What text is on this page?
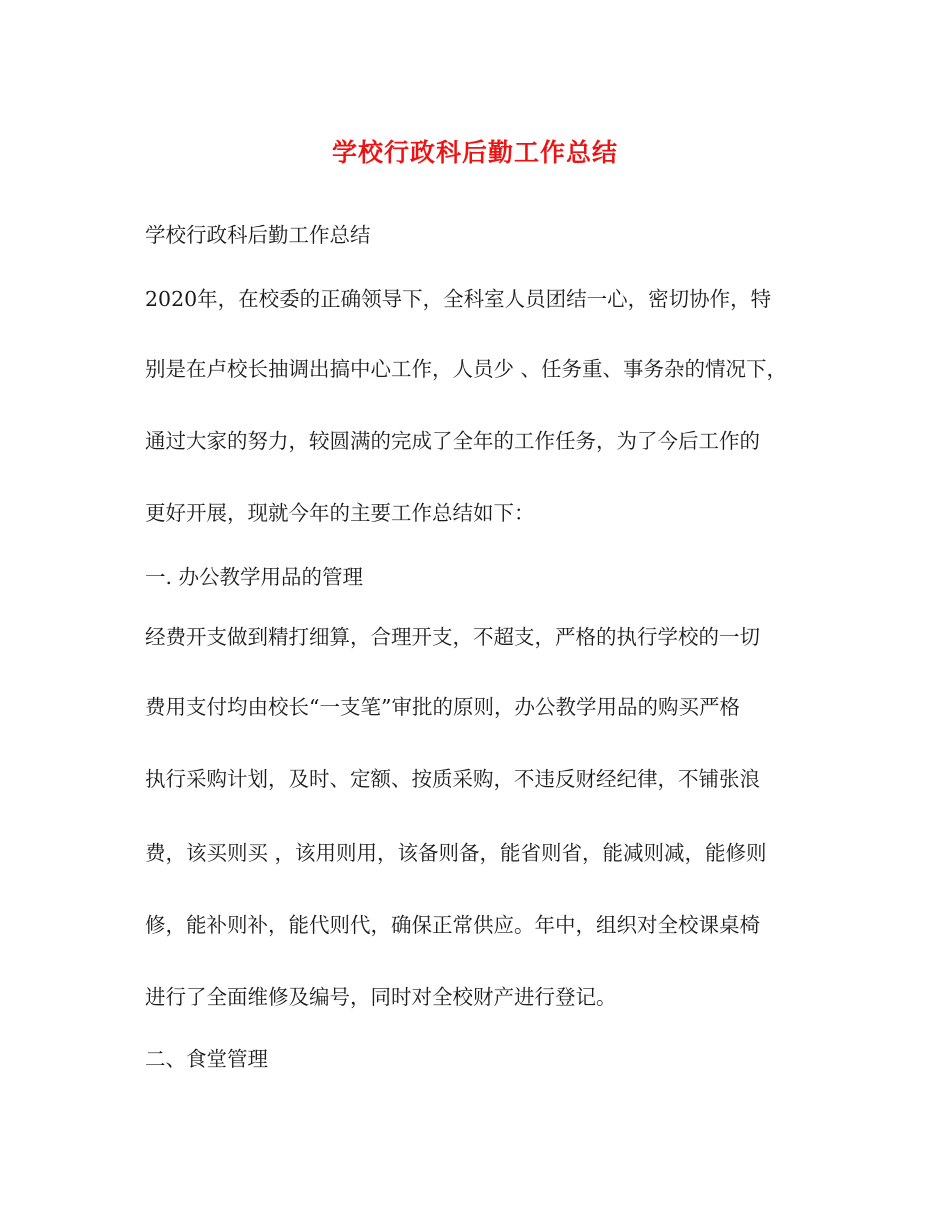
学校行政科后勤工作总结
学校行政科后勤工作总结
2020年，在校委的正确领导下，全科室人员团结一心，密切协作，特
别是在卢校长抽调出搞中心工作，人员少 、任务重、事务杂的情况下，
通过大家的努力，较圆满的完成了全年的工作任务，为了今后工作的
更好开展，现就今年的主要工作总结如下：
一. 办公教学用品的管理
经费开支做到精打细算，合理开支，不超支，严格的执行学校的一切
费用支付均由校长“一支笔”审批的原则，办公教学用品的购买严格
执行采购计划，及时、定额、按质采购，不违反财经纪律，不铺张浪
费，该买则买 ，该用则用，该备则备，能省则省，能减则减，能修则
修，能补则补，能代则代，确保正常供应。年中，组织对全校课桌椅
进行了全面维修及编号，同时对全校财产进行登记。
二、食堂管理
